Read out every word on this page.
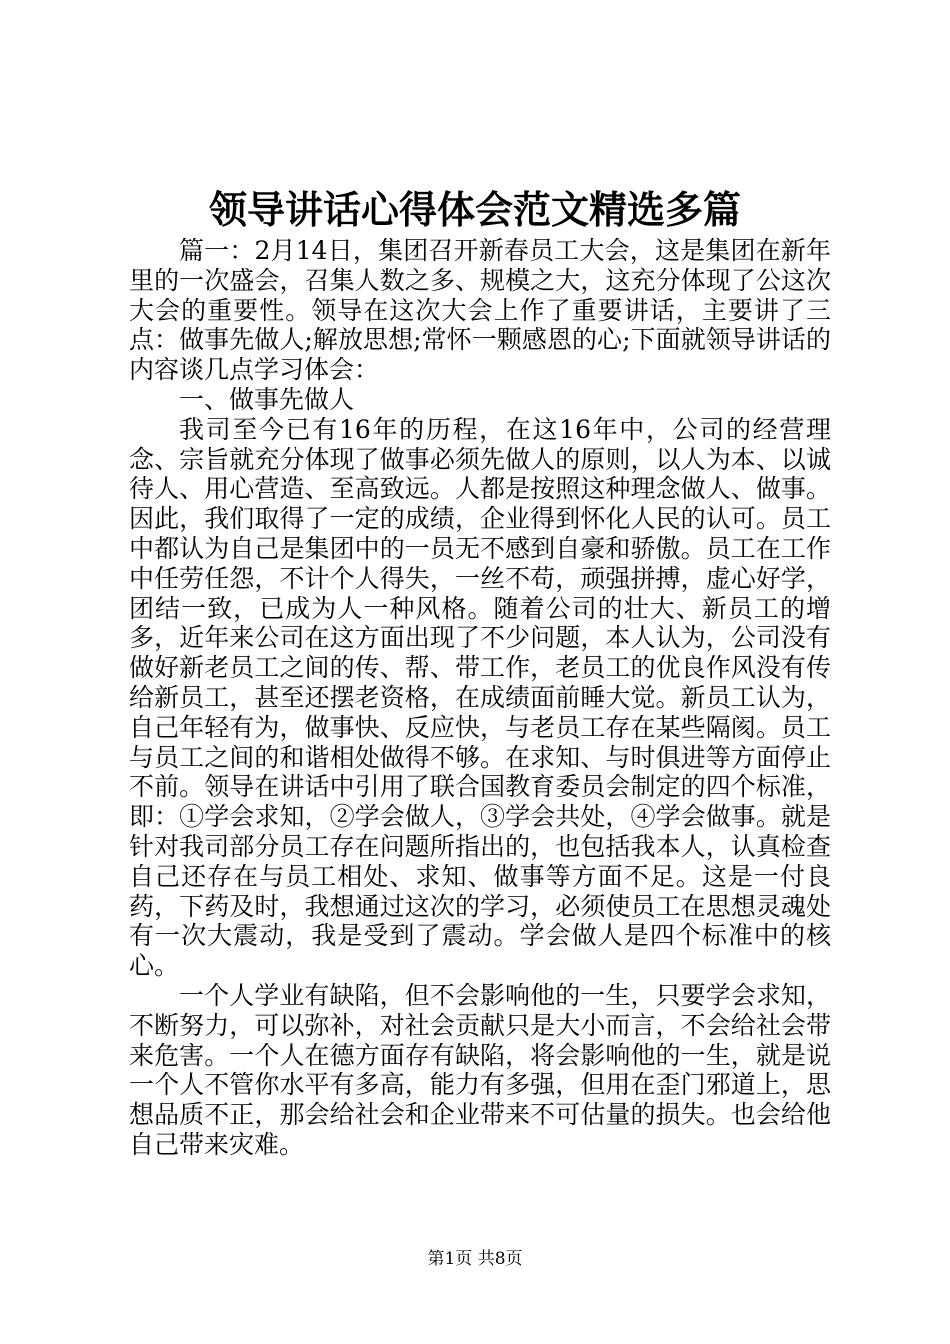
领导讲话心得体会范文精选多篇

篇一：2月14日，集团召开新春员工大会，这是集团在新年里的一次盛会，召集人数之多、规模之大，这充分体现了公这次大会的重要性。领导在这次大会上作了重要讲话，主要讲了三点：做事先做人;解放思想;常怀一颗感恩的心;下面就领导讲话的内容谈几点学习体会：

一、做事先做人

我司至今已有16年的历程，在这16年中，公司的经营理念、宗旨就充分体现了做事必须先做人的原则，以人为本、以诚待人、用心营造、至高致远。人都是按照这种理念做人、做事。因此，我们取得了一定的成绩，企业得到怀化人民的认可。员工中都认为自己是集团中的一员无不感到自豪和骄傲。员工在工作中任劳任怨，不计个人得失，一丝不苟，顽强拼搏，虚心好学，团结一致，已成为人一种风格。随着公司的壮大、新员工的增多，近年来公司在这方面出现了不少问题，本人认为，公司没有做好新老员工之间的传、帮、带工作，老员工的优良作风没有传给新员工，甚至还摆老资格，在成绩面前睡大觉。新员工认为，自己年轻有为，做事快、反应快，与老员工存在某些隔阂。员工与员工之间的和谐相处做得不够。在求知、与时俱进等方面停止不前。领导在讲话中引用了联合国教育委员会制定的四个标准，即：①学会求知，②学会做人，③学会共处，④学会做事。就是针对我司部分员工存在问题所指出的，也包括我本人，认真检查自己还存在与员工相处、求知、做事等方面不足。这是一付良药，下药及时，我想通过这次的学习，必须使员工在思想灵魂处有一次大震动，我是受到了震动。学会做人是四个标准中的核心。

一个人学业有缺陷，但不会影响他的一生，只要学会求知，不断努力，可以弥补，对社会贡献只是大小而言，不会给社会带来危害。一个人在德方面存有缺陷，将会影响他的一生，就是说一个人不管你水平有多高，能力有多强，但用在歪门邪道上，思想品质不正，那会给社会和企业带来不可估量的损失。也会给他自己带来灾难。

第1页 共8页
